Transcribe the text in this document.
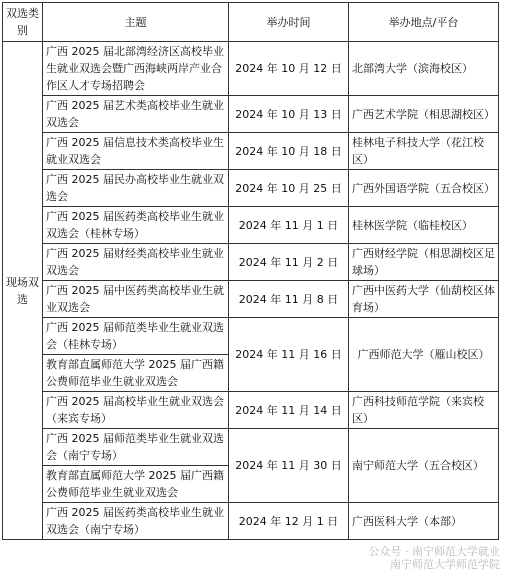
双选类别	主题	举办时间	举办地点/平台
现场双选	广西 2025 届北部湾经济区高校毕业生就业双选会暨广西海峡两岸产业合作区人才专场招聘会	2024 年 10 月 12 日	北部湾大学（滨海校区）
	广西 2025 届艺术类高校毕业生就业双选会	2024 年 10 月 13 日	广西艺术学院（相思湖校区）
	广西 2025 届信息技术类高校毕业生就业双选会	2024 年 10 月 18 日	桂林电子科技大学（花江校区）
	广西 2025 届民办高校毕业生就业双选会	2024 年 10 月 25 日	广西外国语学院（五合校区）
	广西 2025 届医药类高校毕业生就业双选会（桂林专场）	2024 年 11 月 1 日	桂林医学院（临桂校区）
	广西 2025 届财经类高校毕业生就业双选会	2024 年 11 月 2 日	广西财经学院（相思湖校区足球场）
	广西 2025 届中医药类高校毕业生就业双选会	2024 年 11 月 8 日	广西中医药大学（仙葫校区体育场）
	广西 2025 届师范类毕业生就业双选会（桂林专场）	2024 年 11 月 16 日	广西师范大学（雁山校区）
	教育部直属师范大学 2025 届广西籍公费师范毕业生就业双选会		
	广西 2025 届高校毕业生就业双选会（来宾专场）	2024 年 11 月 14 日	广西科技师范学院（来宾校区）
	广西 2025 届师范类毕业生就业双选会（南宁专场）	2024 年 11 月 30 日	南宁师范大学（五合校区）
	教育部直属师范大学 2025 届广西籍公费师范毕业生就业双选会		
	广西 2025 届医药类高校毕业生就业双选会（南宁专场）	2024 年 12 月 1 日	广西医科大学（本部）
公众号 · 南宁师范大学就业
南宁师范大学师范学院
